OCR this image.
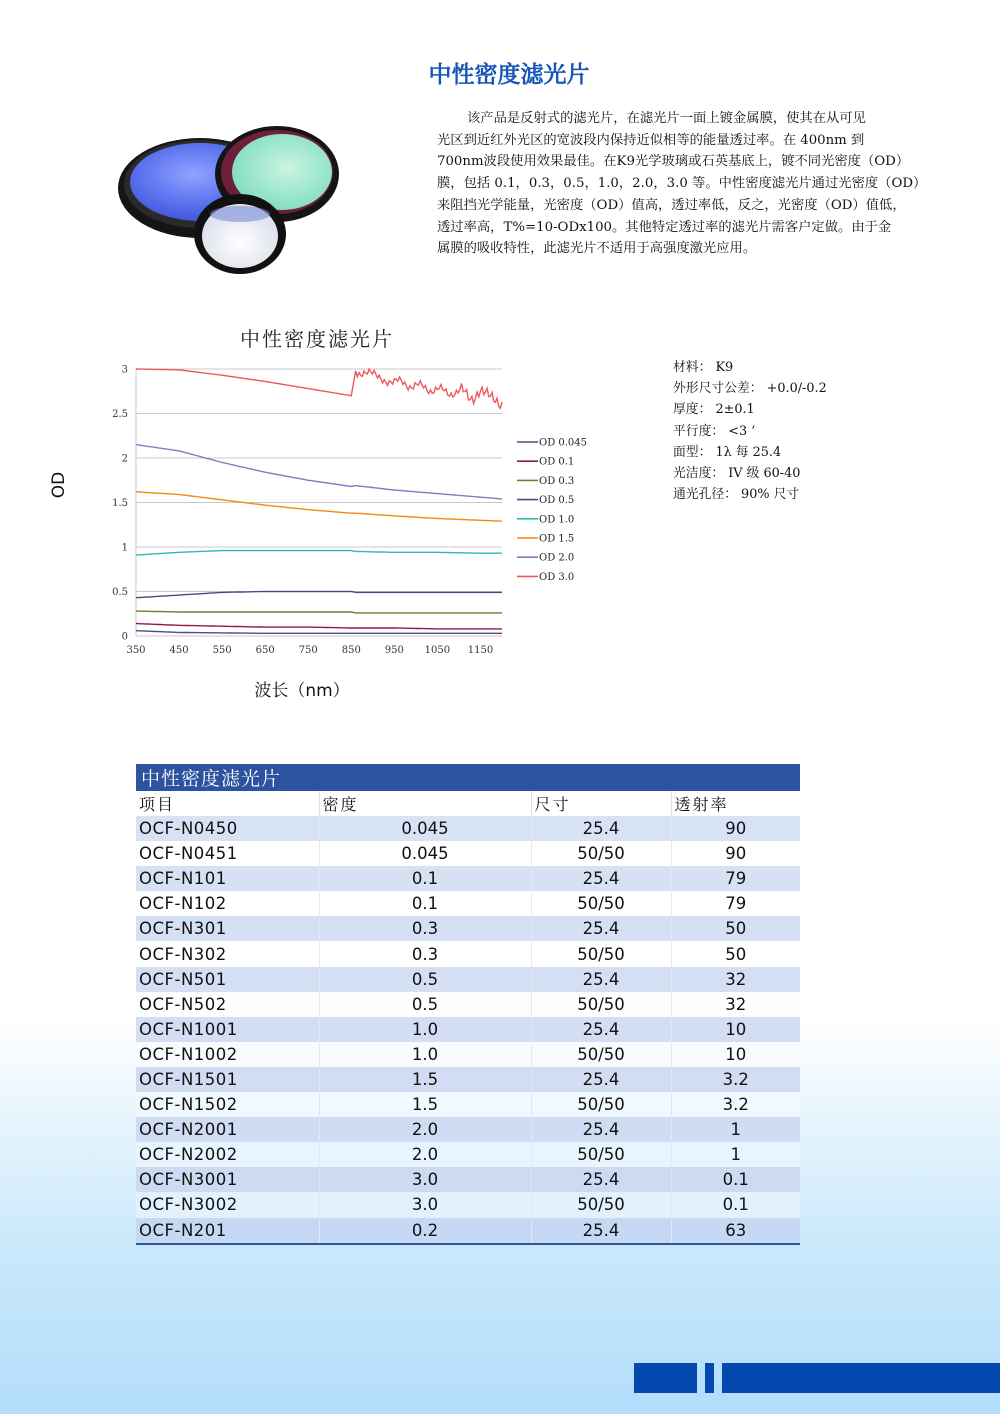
中性密度滤光片

该产品是反射式的滤光片，在滤光片一面上镀金属膜，使其在从可见

光区到近红外光区的宽波段内保持近似相等的能量透过率。在 400nm 到

700nm波段使用效果最佳。在K9光学玻璃或石英基底上，镀不同光密度（OD）

膜，包括 0.1，0.3，0.5，1.0，2.0，3.0 等。中性密度滤光片通过光密度（OD）

来阻挡光学能量，光密度（OD）值高，透过率低，反之，光密度（OD）值低，

透过率高，T%=10-ODx100。其他特定透过率的滤光片需客户定做。由于金

属膜的吸收特性，此滤光片不适用于高强度激光应用。

中性密度滤光片
0
0.5
1
1.5
2
2.5
3
350 450 550 650 750 850 950 1050 1150
OD 0.045
OD 0.1
OD 0.3
OD 0.5
OD 1.0
OD 1.5
OD 2.0
OD 3.0
OD
波长（nm）
材料： K9
外形尺寸公差： +0.0/-0.2
厚度： 2±0.1
平行度： <3 ‘
面型： 1λ 每 25.4
光洁度： IV 级 60-40
通光孔径： 90% 尺寸
中性密度滤光片			
项目	密度	尺寸	透射率
OCF-N0450	0.045	25.4	90
OCF-N0451	0.045	50/50	90
OCF-N101	0.1	25.4	79
OCF-N102	0.1	50/50	79
OCF-N301	0.3	25.4	50
OCF-N302	0.3	50/50	50
OCF-N501	0.5	25.4	32
OCF-N502	0.5	50/50	32
OCF-N1001	1.0	25.4	10
OCF-N1002	1.0	50/50	10
OCF-N1501	1.5	25.4	3.2
OCF-N1502	1.5	50/50	3.2
OCF-N2001	2.0	25.4	1
OCF-N2002	2.0	50/50	1
OCF-N3001	3.0	25.4	0.1
OCF-N3002	3.0	50/50	0.1
OCF-N201	0.2	25.4	63
